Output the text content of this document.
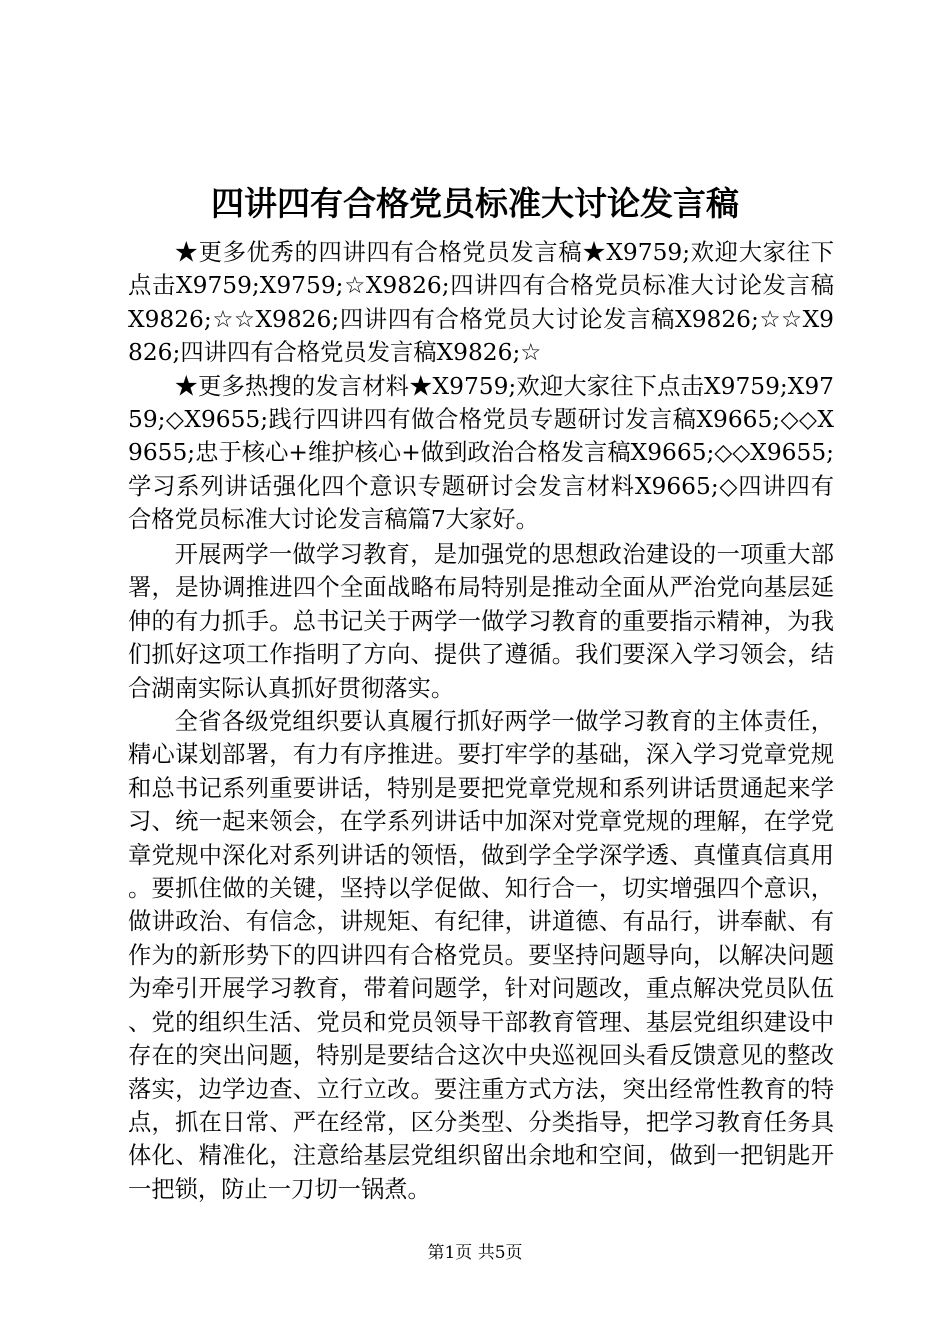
四讲四有合格党员标准大讨论发言稿

★更多优秀的四讲四有合格党员发言稿★X9759;欢迎大家往下点击X9759;X9759;☆X9826;四讲四有合格党员标准大讨论发言稿X9826;☆☆X9826;四讲四有合格党员大讨论发言稿X9826;☆☆X9826;四讲四有合格党员发言稿X9826;☆

★更多热搜的发言材料★X9759;欢迎大家往下点击X9759;X9759;◇X9655;践行四讲四有做合格党员专题研讨发言稿X9665;◇◇X9655;忠于核心+维护核心+做到政治合格发言稿X9665;◇◇X9655;学习系列讲话强化四个意识专题研讨会发言材料X9665;◇四讲四有合格党员标准大讨论发言稿篇7大家好。

开展两学一做学习教育，是加强党的思想政治建设的一项重大部署，是协调推进四个全面战略布局特别是推动全面从严治党向基层延伸的有力抓手。总书记关于两学一做学习教育的重要指示精神，为我们抓好这项工作指明了方向、提供了遵循。我们要深入学习领会，结合湖南实际认真抓好贯彻落实。

全省各级党组织要认真履行抓好两学一做学习教育的主体责任，精心谋划部署，有力有序推进。要打牢学的基础，深入学习党章党规和总书记系列重要讲话，特别是要把党章党规和系列讲话贯通起来学习、统一起来领会，在学系列讲话中加深对党章党规的理解，在学党章党规中深化对系列讲话的领悟，做到学全学深学透、真懂真信真用。要抓住做的关键，坚持以学促做、知行合一，切实增强四个意识，做讲政治、有信念，讲规矩、有纪律，讲道德、有品行，讲奉献、有作为的新形势下的四讲四有合格党员。要坚持问题导向，以解决问题为牵引开展学习教育，带着问题学，针对问题改，重点解决党员队伍、党的组织生活、党员和党员领导干部教育管理、基层党组织建设中存在的突出问题，特别是要结合这次中央巡视回头看反馈意见的整改落实，边学边查、立行立改。要注重方式方法，突出经常性教育的特点，抓在日常、严在经常，区分类型、分类指导，把学习教育任务具体化、精准化，注意给基层党组织留出余地和空间，做到一把钥匙开一把锁，防止一刀切一锅煮。

第1页 共5页
